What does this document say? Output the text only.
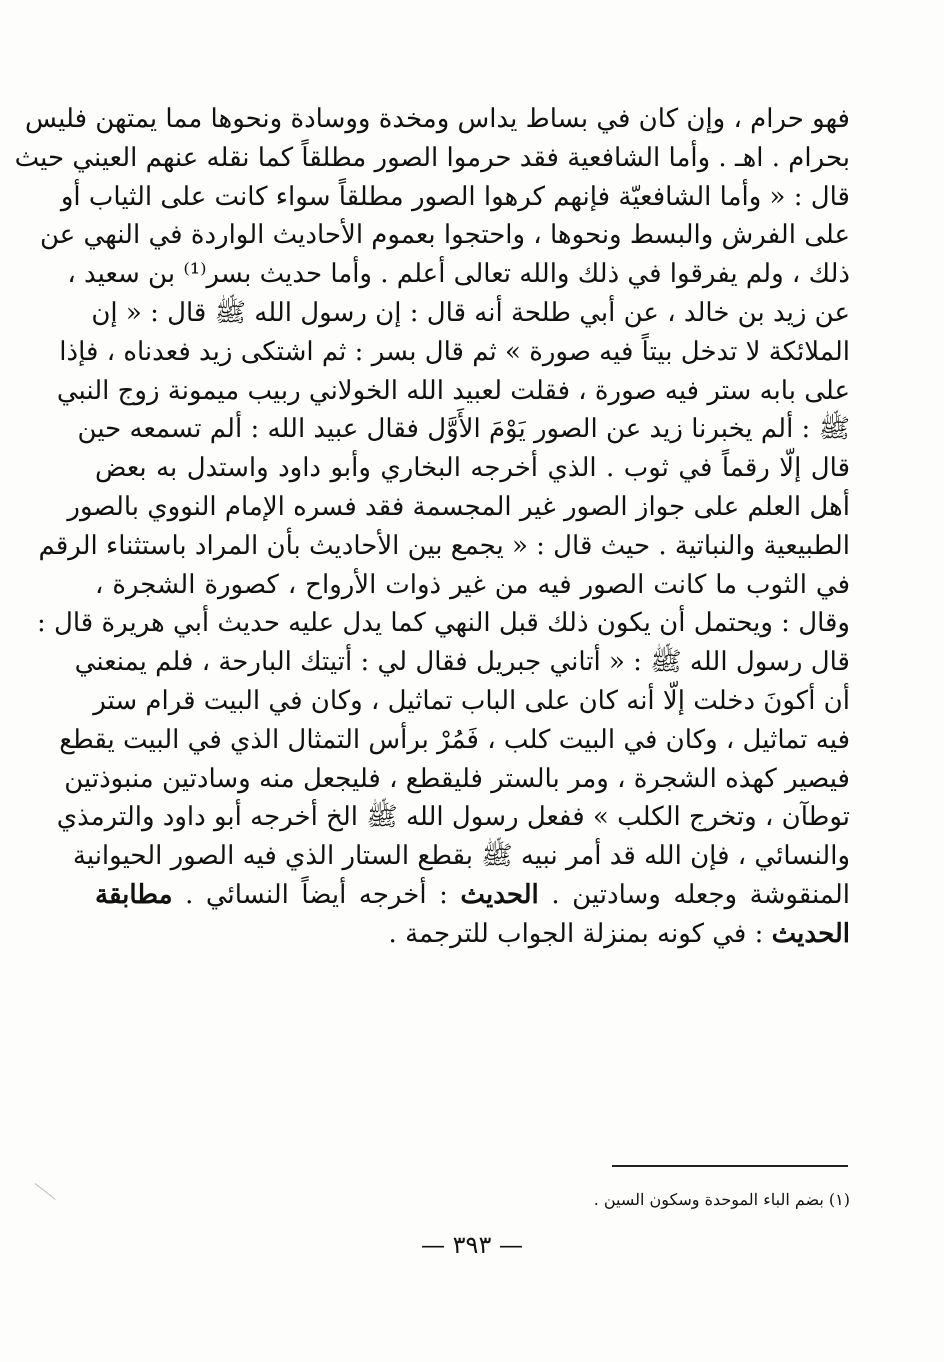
فهو حرام ، وإن كان في بساط يداس ومخدة ووسادة ونحوها مما يمتهن فليس
بحرام . اهـ . وأما الشافعية فقد حرموا الصور مطلقاً كما نقله عنهم العيني حيث
قال : « وأما الشافعيّة فإنهم كرهوا الصور مطلقاً سواء كانت على الثياب أو
على الفرش والبسط ونحوها ، واحتجوا بعموم الأحاديث الواردة في النهي عن
ذلك ، ولم يفرقوا في ذلك والله تعالى أعلم . وأما حديث بسر⁽¹⁾ بن سعيد ،
عن زيد بن خالد ، عن أبي طلحة أنه قال : إن رسول الله ﷺ قال : « إن
الملائكة لا تدخل بيتاً فيه صورة » ثم قال بسر : ثم اشتكى زيد فعدناه ، فإذا
على بابه ستر فيه صورة ، فقلت لعبيد الله الخولاني ربيب ميمونة زوج النبي
ﷺ : ألم يخبرنا زيد عن الصور يَوْمَ الأَوَّل فقال عبيد الله : ألم تسمعه حين
قال إلّا رقماً في ثوب . الذي أخرجه البخاري وأبو داود واستدل به بعض
أهل العلم على جواز الصور غير المجسمة فقد فسره الإمام النووي بالصور
الطبيعية والنباتية . حيث قال : « يجمع بين الأحاديث بأن المراد باستثناء الرقم
في الثوب ما كانت الصور فيه من غير ذوات الأرواح ، كصورة الشجرة ،
وقال : ويحتمل أن يكون ذلك قبل النهي كما يدل عليه حديث أبي هريرة قال :
قال رسول الله ﷺ : « أتاني جبريل فقال لي : أتيتك البارحة ، فلم يمنعني
أن أكونَ دخلت إلّا أنه كان على الباب تماثيل ، وكان في البيت قرام ستر
فيه تماثيل ، وكان في البيت كلب ، فَمُرْ برأس التمثال الذي في البيت يقطع
فيصير كهذه الشجرة ، ومر بالستر فليقطع ، فليجعل منه وسادتين منبوذتين
توطآن ، وتخرج الكلب » ففعل رسول الله ﷺ الخ أخرجه أبو داود والترمذي
والنسائي ، فإن الله قد أمر نبيه ﷺ بقطع الستار الذي فيه الصور الحيوانية
المنقوشة وجعله وسادتين . الحديث : أخرجه أيضاً النسائي . مطابقة
الحديث : في كونه بمنزلة الجواب للترجمة .
(١) بضم الباء الموحدة وسكون السين .
— ٣٩٣ —
